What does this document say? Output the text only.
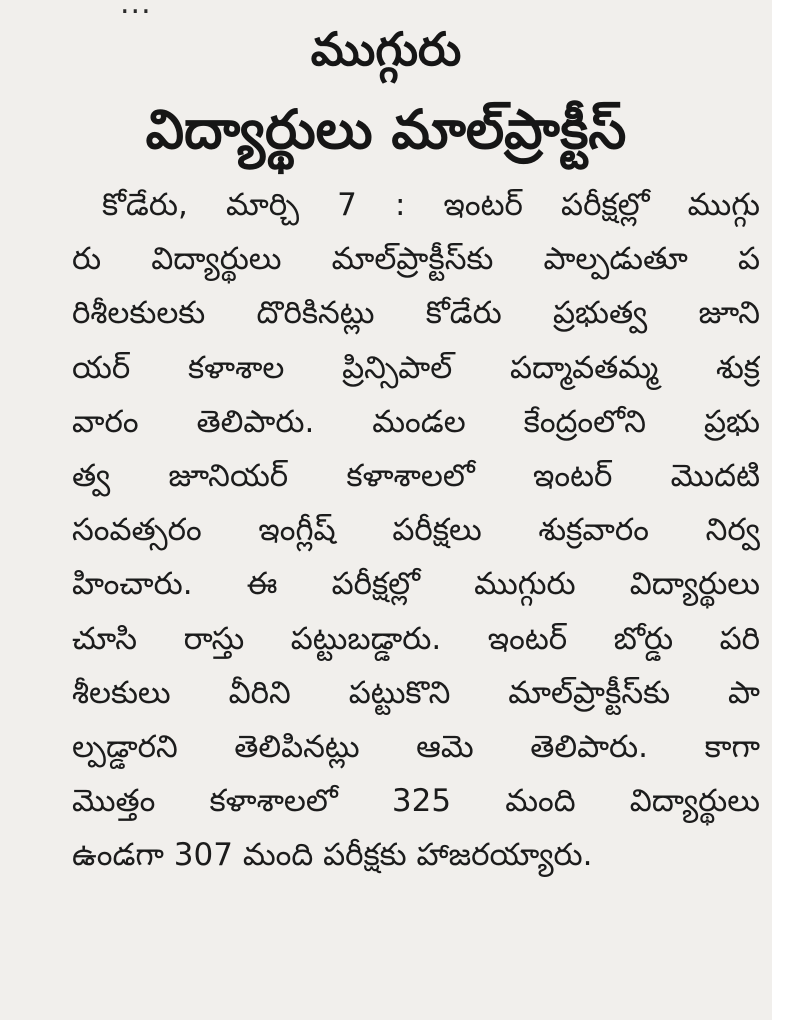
...
ముగ్గురు
విద్యార్థులు మాల్‌ప్రాక్టీస్
కోడేరు, మార్చి 7 : ఇంటర్ పరీక్షల్లో ముగ్గు
రు విద్యార్థులు మాల్‌ప్రాక్టీస్‌కు పాల్పడుతూ ప
రిశీలకులకు దొరికినట్లు కోడేరు ప్రభుత్వ జూని
యర్ కళాశాల ప్రిన్సిపాల్ పద్మావతమ్మ శుక్ర
వారం తెలిపారు. మండల కేంద్రంలోని ప్రభు
త్వ జూనియర్ కళాశాలలో ఇంటర్ మొదటి
సంవత్సరం ఇంగ్లీష్ పరీక్షలు శుక్రవారం నిర్వ
హించారు. ఈ పరీక్షల్లో ముగ్గురు విద్యార్థులు
చూసి రాస్తు పట్టుబడ్డారు. ఇంటర్ బోర్డు పరి
శీలకులు వీరిని పట్టుకొని మాల్‌ప్రాక్టీస్‌కు పా
ల్పడ్డారని తెలిపినట్లు ఆమె తెలిపారు. కాగా
మొత్తం కళాశాలలో 325 మంది విద్యార్థులు
ఉండగా 307 మంది పరీక్షకు హాజరయ్యారు.
